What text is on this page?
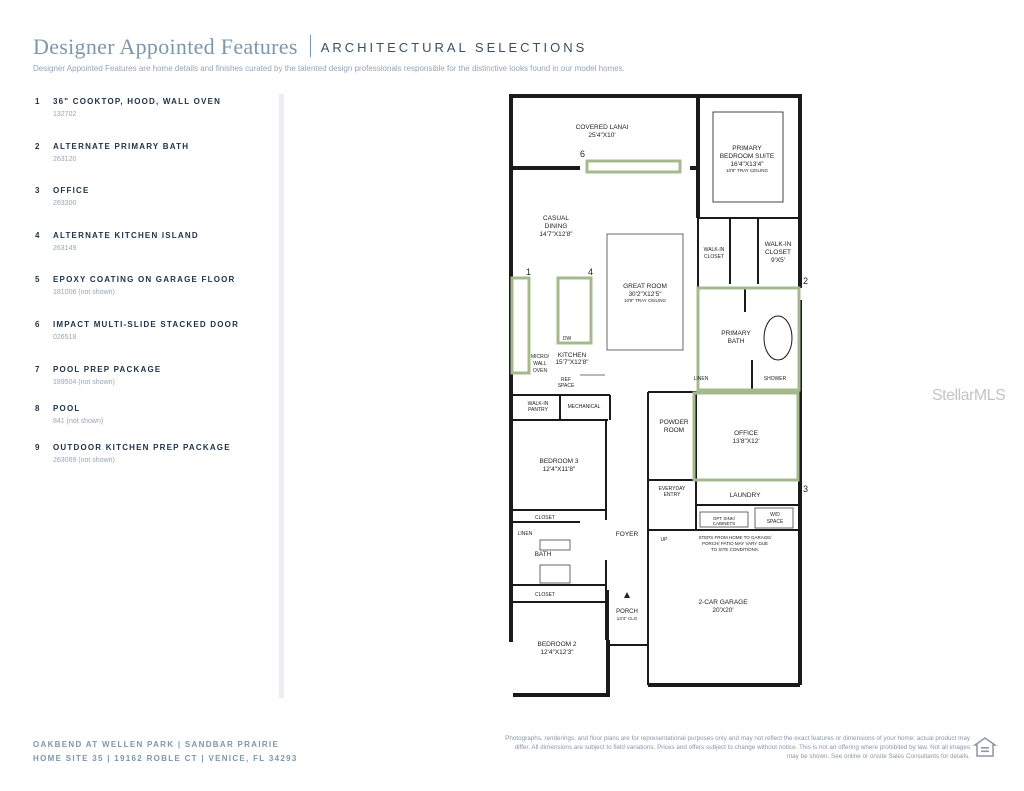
Designer Appointed Features ARCHITECTURAL SELECTIONS
Designer Appointed Features are home details and finishes curated by the talented design professionals responsible for the distinctive looks found in our model homes.
1 36" COOKTOP, HOOD, WALL OVEN
132702
2 ALTERNATE PRIMARY BATH
263120
3 OFFICE
263300
4 ALTERNATE KITCHEN ISLAND
263149
5 EPOXY COATING ON GARAGE FLOOR
181006 (not shown)
6 IMPACT MULTI-SLIDE STACKED DOOR
026518
7 POOL PREP PACKAGE
189504 (not shown)
8 POOL
841 (not shown)
9 OUTDOOR KITCHEN PREP PACKAGE
263069 (not shown)
6
1	4
2
3
COVERED LANAI
25'4"X10'
PRIMARY
BEDROOM SUITE
16'4"X13'4"
10'8" TRAY CEILING
CASUAL
DINING
14'7"X12'8"
GREAT ROOM
30'2"X12'5"
10'8" TRAY CEILING
WALK-IN
CLOSET
WALK-IN
CLOSET
9'X5'
KITCHEN
15'7"X12'8"
MICRO/
WALL
OVEN
DW
REF
SPACE
PRIMARY
BATH
LINEN	SHOWER
WALK-IN
PANTRY	MECHANICAL
POWDER
ROOM	OFFICE
13'8"X12'
BEDROOM 3
12'4"X11'8"
EVERYDAY
ENTRY	LAUNDRY
CLOSET	OPT SINK/
CABINETS
W/D
SPACE
LINEN	FOYER
UP	STEPS FROM HOME TO GARAGE/
PORCH/ PATIO MAY VARY DUE
TO SITE CONDITIONS.
BATH
2-CAR GARAGE
20'X20'
CLOSET
PORCH
13'4" CLG
BEDROOM 2
12'4"X12'3"
StellarMLS
OAKBEND AT WELLEN PARK | SANDBAR PRAIRIE
HOME SITE 35 | 19162 ROBLE CT | VENICE, FL 34293
Photographs, renderings, and floor plans are for representational purposes only and may not reflect the exact features or dimensions of your home; actual product may differ. All dimensions are subject to field variations. Prices and offers subject to change without notice. This is not an offering where prohibited by law. Not all images may be shown. See online or onsite Sales Consultants for details.
